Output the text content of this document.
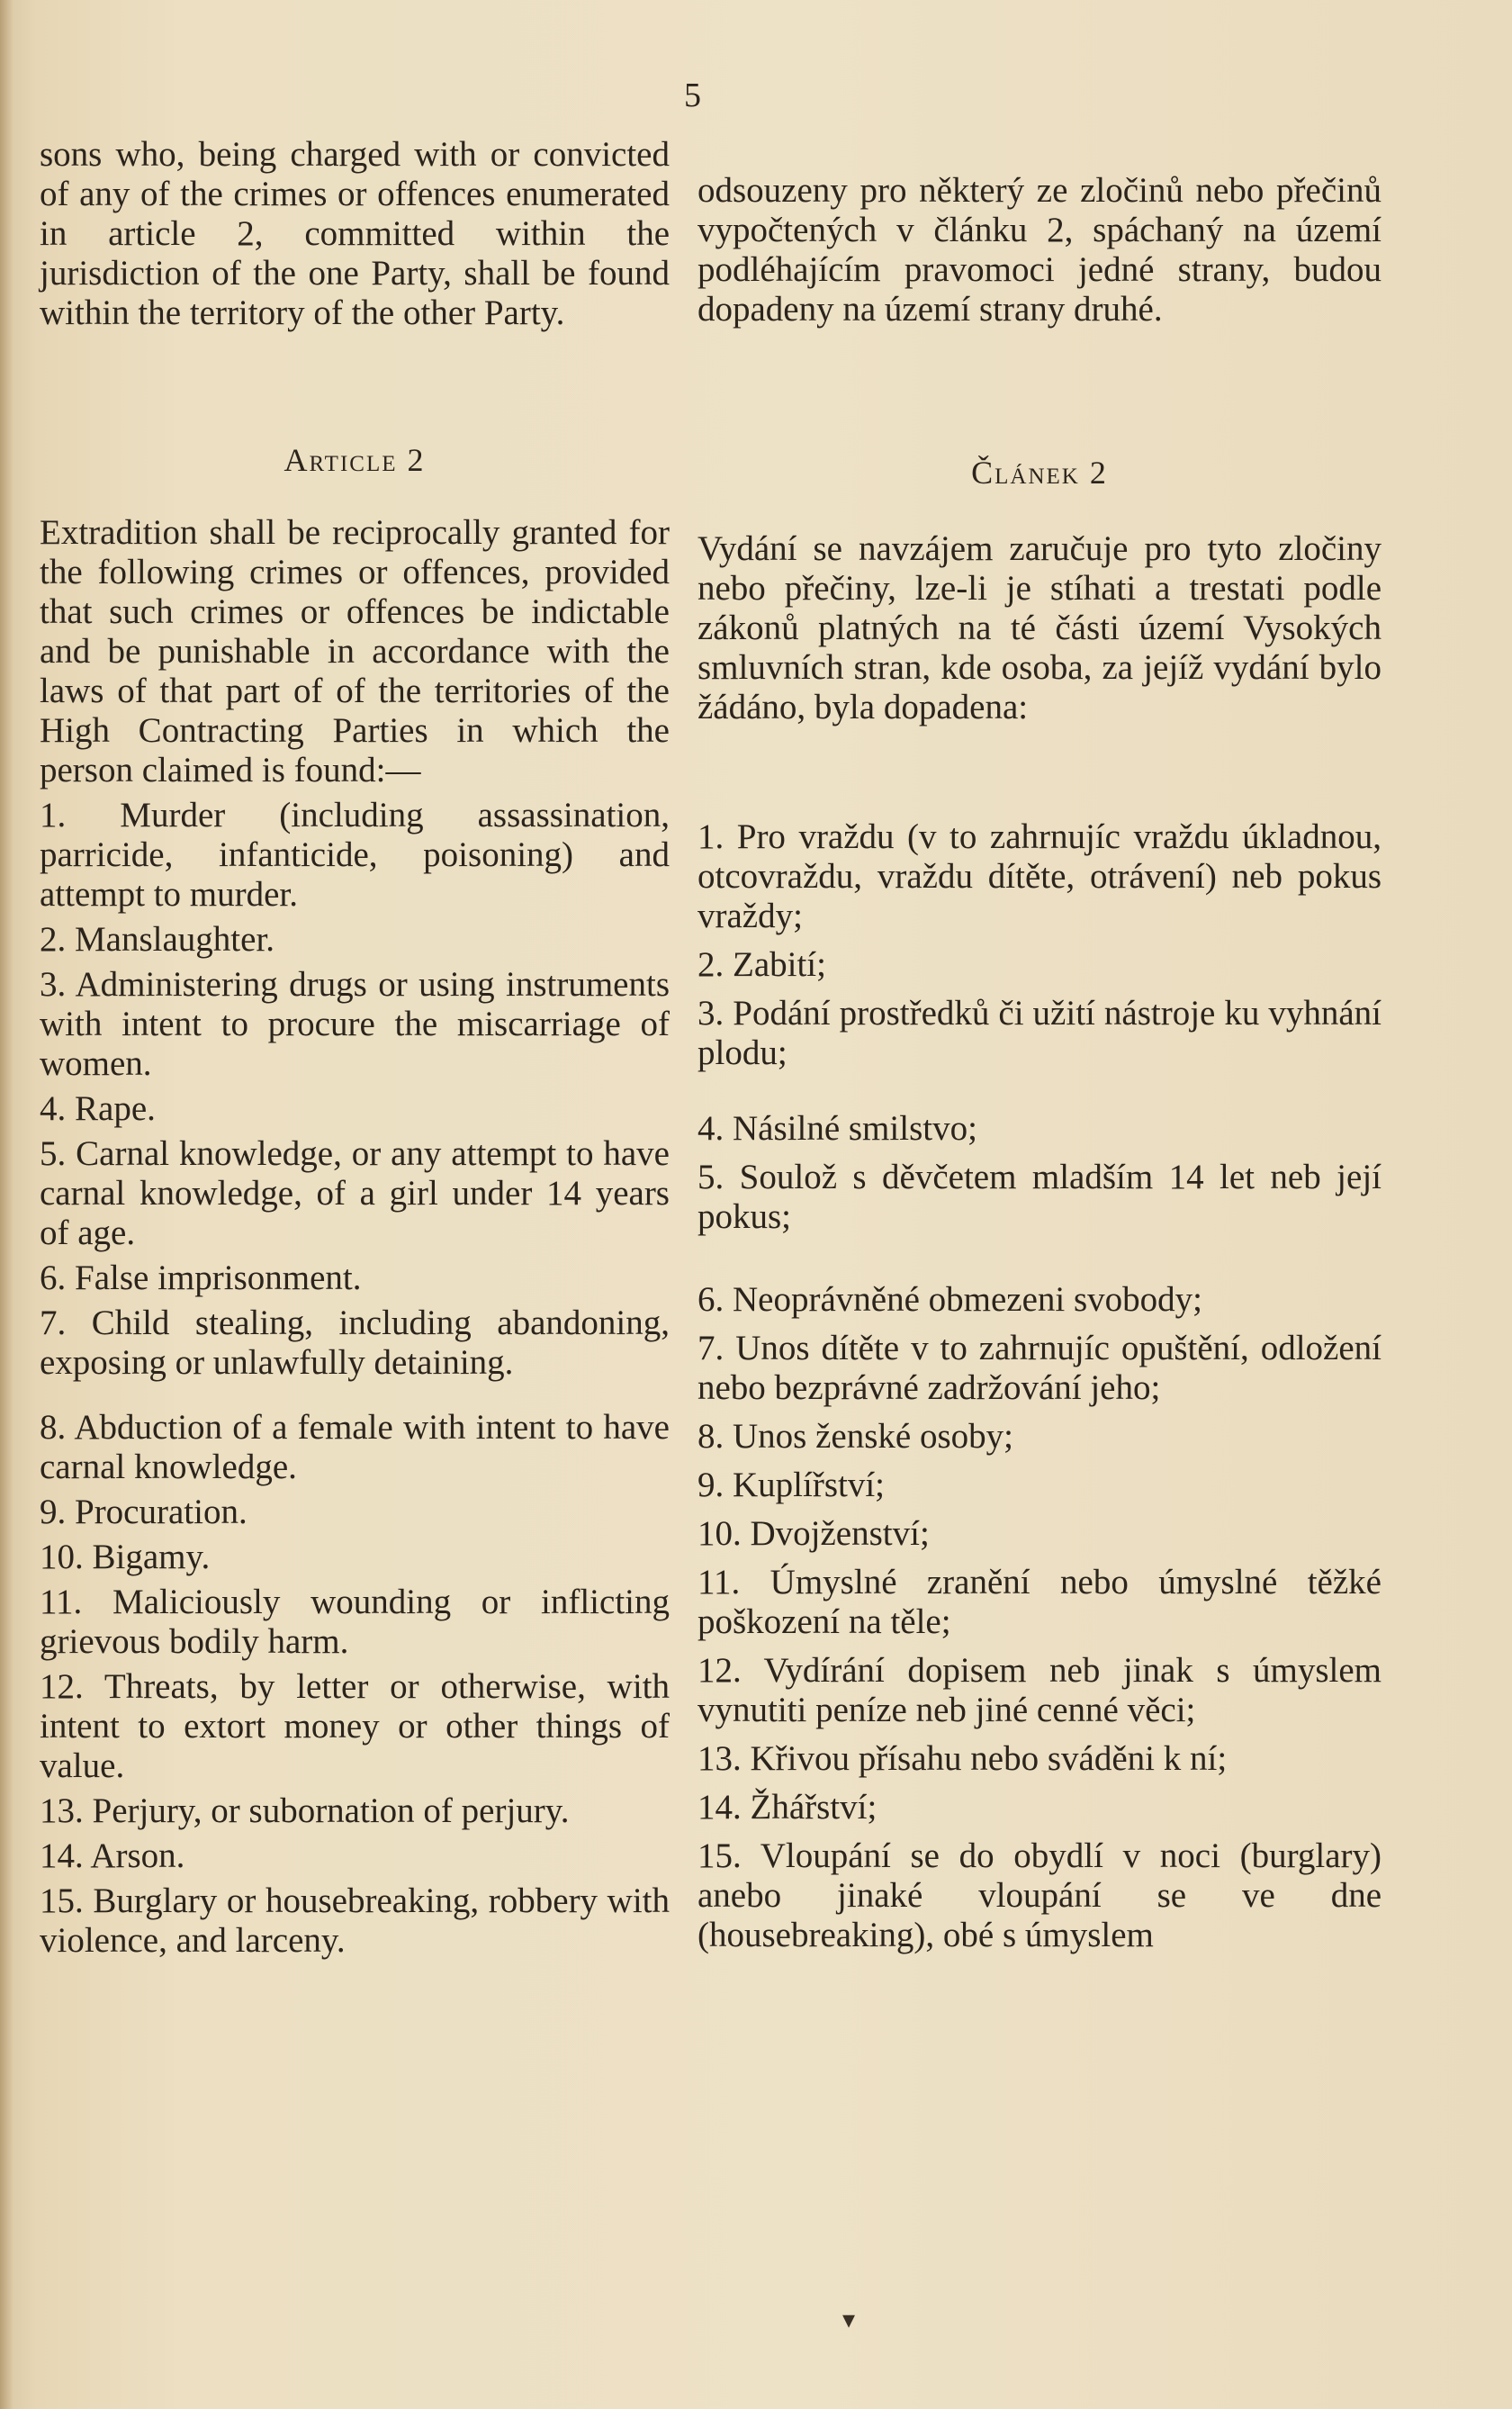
5

sons who, being charged with or convicted of any of the crimes or offences enumerated in article 2, committed within the jurisdiction of the one Party, shall be found within the territory of the other Party.

Article 2

Extradition shall be reciprocally granted for the following crimes or offences, provided that such crimes or offences be indictable and be punishable in accordance with the laws of that part of of the territories of the High Contracting Parties in which the person claimed is found:—

1. Murder (including assassination, parricide, infanticide, poisoning) and attempt to murder.

2. Manslaughter.

3. Administering drugs or using instruments with intent to procure the miscarriage of women.

4. Rape.

5. Carnal knowledge, or any attempt to have carnal knowledge, of a girl under 14 years of age.

6. False imprisonment.

7. Child stealing, including abandoning, exposing or unlawfully detaining.

8. Abduction of a female with intent to have carnal knowledge.

9. Procuration.

10. Bigamy.

11. Maliciously wounding or inflicting grievous bodily harm.

12. Threats, by letter or otherwise, with intent to extort money or other things of value.

13. Perjury, or subornation of perjury.

14. Arson.

15. Burglary or housebreaking, robbery with violence, and larceny.

odsouzeny pro některý ze zločinů nebo přečinů vypočtených v článku 2, spáchaný na území podléhajícím pravomoci jedné strany, budou dopadeny na území strany druhé.

Článek 2

Vydání se navzájem zaručuje pro tyto zločiny nebo přečiny, lze-li je stíhati a trestati podle zákonů platných na té části území Vysokých smluvních stran, kde osoba, za jejíž vydání bylo žádáno, byla dopadena:

1. Pro vraždu (v to zahrnujíc vraždu úkladnou, otcovraždu, vraždu dítěte, otrávení) neb pokus vraždy;

2. Zabití;

3. Podání prostředků či užití nástroje ku vyhnání plodu;

4. Násilné smilstvo;

5. Soulož s děvčetem mladším 14 let neb její pokus;

6. Neoprávněné obmezeni svobody;

7. Unos dítěte v to zahrnujíc opuštění, odložení nebo bezprávné zadržování jeho;

8. Unos ženské osoby;

9. Kuplířství;

10. Dvojženství;

11. Úmyslné zranění nebo úmyslné těžké poškození na těle;

12. Vydírání dopisem neb jinak s úmyslem vynutiti peníze neb jiné cenné věci;

13. Křivou přísahu nebo sváděni k ní;

14. Žhářství;

15. Vloupání se do obydlí v noci (burglary) anebo jinaké vloupání se ve dne (housebreaking), obé s úmyslem

▾
